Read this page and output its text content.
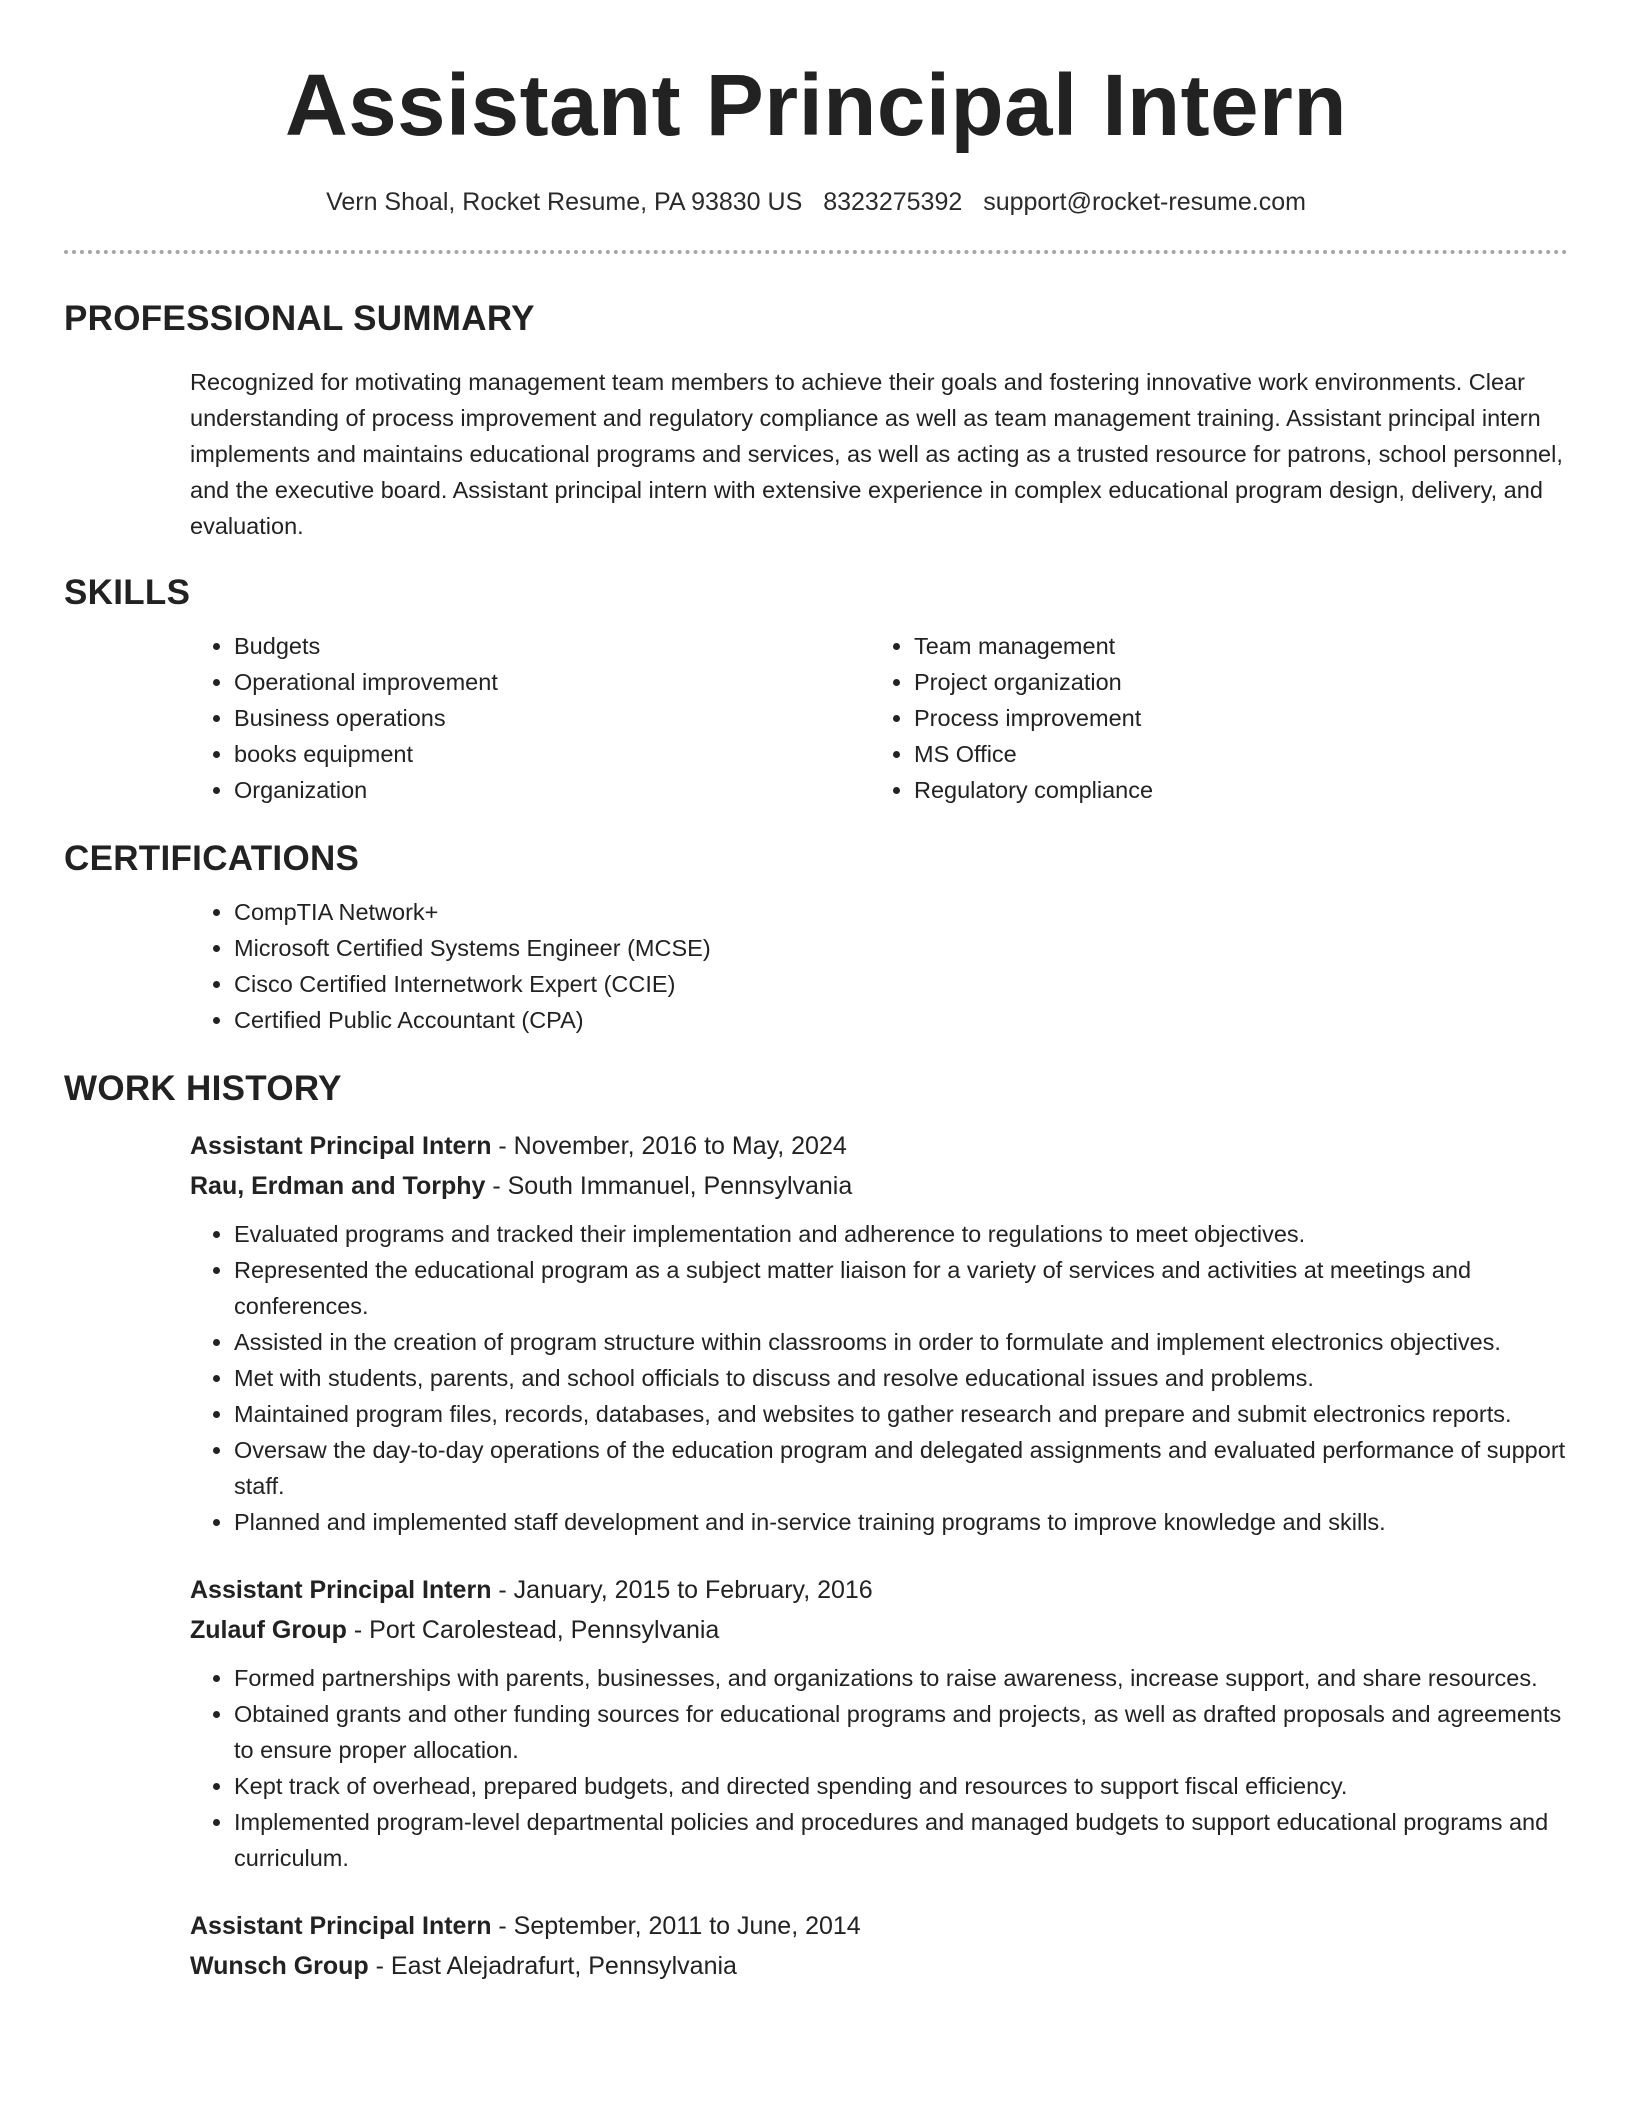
Assistant Principal Intern
Vern Shoal, Rocket Resume, PA 93830 US 8323275392 support@rocket-resume.com
PROFESSIONAL SUMMARY
Recognized for motivating management team members to achieve their goals and fostering innovative work environments. Clear understanding of process improvement and regulatory compliance as well as team management training. Assistant principal intern implements and maintains educational programs and services, as well as acting as a trusted resource for patrons, school personnel, and the executive board. Assistant principal intern with extensive experience in complex educational program design, delivery, and evaluation.
SKILLS
• Budgets
• Operational improvement
• Business operations
• books equipment
• Organization
• Team management
• Project organization
• Process improvement
• MS Office
• Regulatory compliance
CERTIFICATIONS
• CompTIA Network+
• Microsoft Certified Systems Engineer (MCSE)
• Cisco Certified Internetwork Expert (CCIE)
• Certified Public Accountant (CPA)
WORK HISTORY
Assistant Principal Intern - November, 2016 to May, 2024
Rau, Erdman and Torphy - South Immanuel, Pennsylvania
• Evaluated programs and tracked their implementation and adherence to regulations to meet objectives.
• Represented the educational program as a subject matter liaison for a variety of services and activities at meetings and conferences.
• Assisted in the creation of program structure within classrooms in order to formulate and implement electronics objectives.
• Met with students, parents, and school officials to discuss and resolve educational issues and problems.
• Maintained program files, records, databases, and websites to gather research and prepare and submit electronics reports.
• Oversaw the day-to-day operations of the education program and delegated assignments and evaluated performance of support staff.
• Planned and implemented staff development and in-service training programs to improve knowledge and skills.
Assistant Principal Intern - January, 2015 to February, 2016
Zulauf Group - Port Carolestead, Pennsylvania
• Formed partnerships with parents, businesses, and organizations to raise awareness, increase support, and share resources.
• Obtained grants and other funding sources for educational programs and projects, as well as drafted proposals and agreements to ensure proper allocation.
• Kept track of overhead, prepared budgets, and directed spending and resources to support fiscal efficiency.
• Implemented program-level departmental policies and procedures and managed budgets to support educational programs and curriculum.
Assistant Principal Intern - September, 2011 to June, 2014
Wunsch Group - East Alejadrafurt, Pennsylvania
